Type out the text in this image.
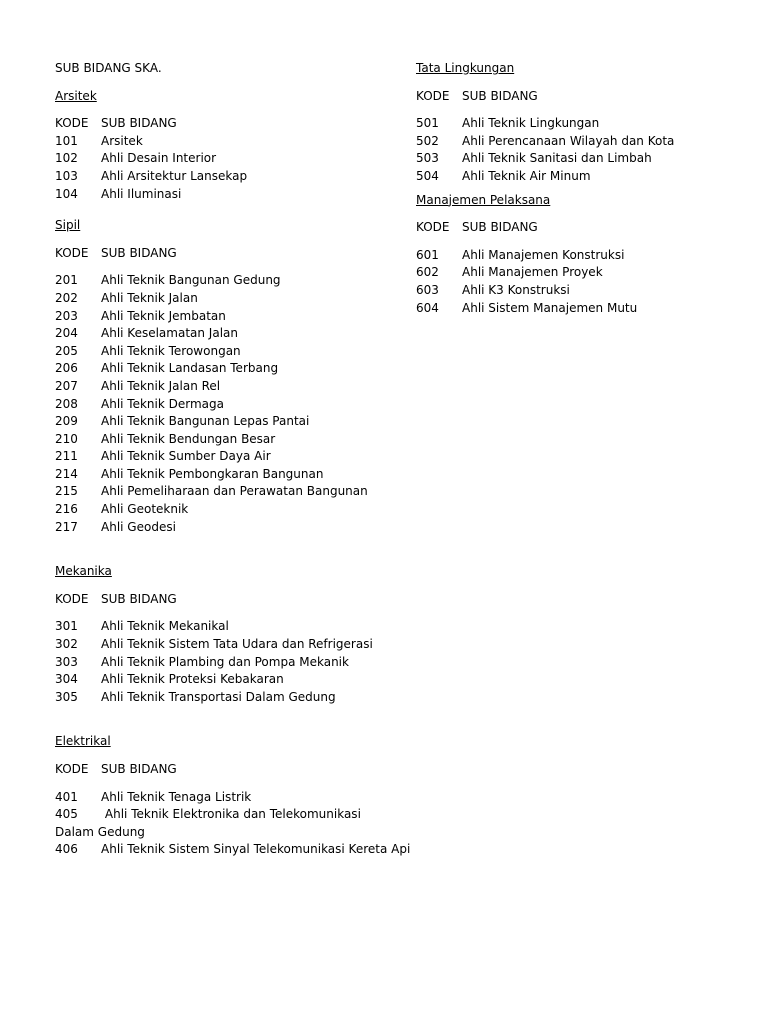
SUB BIDANG SKA.
Arsitek
KODE SUB BIDANG
101 Arsitek
102 Ahli Desain Interior
103 Ahli Arsitektur Lansekap
104 Ahli Iluminasi
Sipil
KODE SUB BIDANG
201 Ahli Teknik Bangunan Gedung
202 Ahli Teknik Jalan
203 Ahli Teknik Jembatan
204 Ahli Keselamatan Jalan
205 Ahli Teknik Terowongan
206 Ahli Teknik Landasan Terbang
207 Ahli Teknik Jalan Rel
208 Ahli Teknik Dermaga
209 Ahli Teknik Bangunan Lepas Pantai
210 Ahli Teknik Bendungan Besar
211 Ahli Teknik Sumber Daya Air
214 Ahli Teknik Pembongkaran Bangunan
215 Ahli Pemeliharaan dan Perawatan Bangunan
216 Ahli Geoteknik
217 Ahli Geodesi
Mekanika
KODE SUB BIDANG
301 Ahli Teknik Mekanikal
302 Ahli Teknik Sistem Tata Udara dan Refrigerasi
303 Ahli Teknik Plambing dan Pompa Mekanik
304 Ahli Teknik Proteksi Kebakaran
305 Ahli Teknik Transportasi Dalam Gedung
Elektrikal
KODE SUB BIDANG
401 Ahli Teknik Tenaga Listrik
405 Ahli Teknik Elektronika dan Telekomunikasi Dalam Gedung
406 Ahli Teknik Sistem Sinyal Telekomunikasi Kereta Api
Tata Lingkungan
KODE SUB BIDANG
501 Ahli Teknik Lingkungan
502 Ahli Perencanaan Wilayah dan Kota
503 Ahli Teknik Sanitasi dan Limbah
504 Ahli Teknik Air Minum
Manajemen Pelaksana
KODE SUB BIDANG
601 Ahli Manajemen Konstruksi
602 Ahli Manajemen Proyek
603 Ahli K3 Konstruksi
604 Ahli Sistem Manajemen Mutu
